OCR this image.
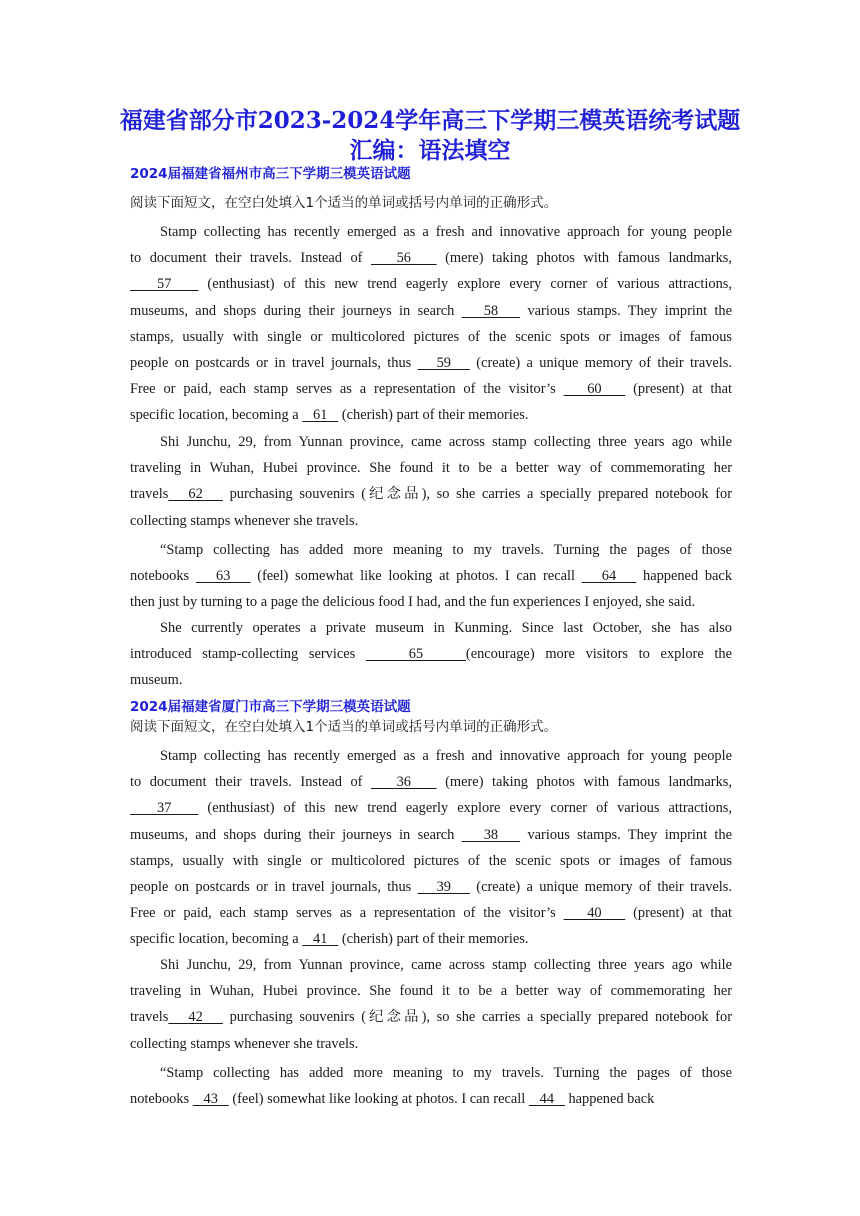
福建省部分市2023-2024学年高三下学期三模英语统考试题
汇编：语法填空
2024届福建省福州市高三下学期三模英语试题
阅读下面短文，在空白处填入1个适当的单词或括号内单词的正确形式。

Stamp collecting has recently emerged as a fresh and innovative approach for young people

to document their travels. Instead of    56    (mere) taking photos with famous landmarks,

57    (enthusiast) of this new trend eagerly explore every corner of various attractions,

museums, and shops during their journeys in search    58    various stamps. They imprint the

stamps, usually with single or multicolored pictures of the scenic spots or images of famous

people on postcards or in travel journals, thus    59    (create) a unique memory of their travels.

Free or paid, each stamp serves as a representation of the visitor’s    60    (present) at that

specific location, becoming a    61    (cherish) part of their memories.

Shi Junchu, 29, from Yunnan province, came across stamp collecting three years ago while

traveling in Wuhan, Hubei province. She found it to be a better way of commemorating her

travels   62    purchasing souvenirs (纪念品), so she carries a specially prepared notebook for

collecting stamps whenever she travels.

“Stamp collecting has added more meaning to my travels. Turning the pages of those

notebooks    63    (feel) somewhat like looking at photos. I can recall    64    happened back

then just by turning to a page the delicious food I had, and the fun experiences I enjoyed, she said.

She currently operates a private museum in Kunming. Since last October, she has also

introduced stamp-collecting services     65    (encourage) more visitors to explore the

museum.

2024届福建省厦门市高三下学期三模英语试题
阅读下面短文，在空白处填入1个适当的单词或括号内单词的正确形式。

Stamp collecting has recently emerged as a fresh and innovative approach for young people

to document their travels. Instead of    36    (mere) taking photos with famous landmarks,

37    (enthusiast) of this new trend eagerly explore every corner of various attractions,

museums, and shops during their journeys in search    38    various stamps. They imprint the

stamps, usually with single or multicolored pictures of the scenic spots or images of famous

people on postcards or in travel journals, thus    39    (create) a unique memory of their travels.

Free or paid, each stamp serves as a representation of the visitor’s    40    (present) at that

specific location, becoming a    41    (cherish) part of their memories.

Shi Junchu, 29, from Yunnan province, came across stamp collecting three years ago while

traveling in Wuhan, Hubei province. She found it to be a better way of commemorating her

travels   42    purchasing souvenirs (纪念品), so she carries a specially prepared notebook for

collecting stamps whenever she travels.

“Stamp collecting has added more meaning to my travels. Turning the pages of those

notebooks    43    (feel) somewhat like looking at photos. I can recall    44    happened back
